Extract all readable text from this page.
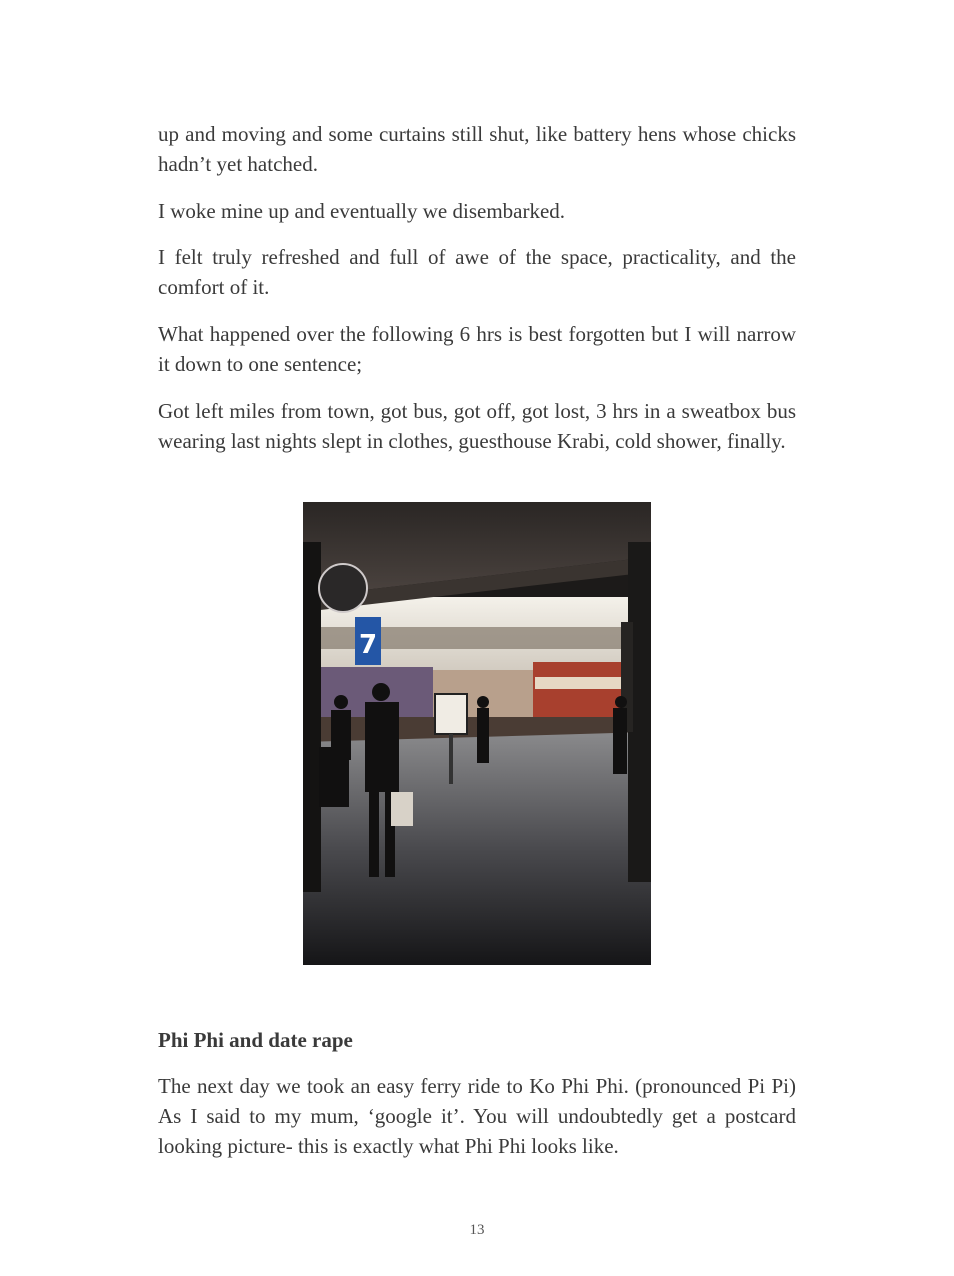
up and moving and some curtains still shut, like battery hens whose chicks hadn’t yet hatched.

I woke mine up and eventually we disembarked.

I felt truly refreshed and full of awe of the space, practicality, and the comfort of it.

What happened over the following 6 hrs is best forgotten but I will narrow it down to one sentence;

Got left miles from town, got bus, got off, got lost, 3 hrs in a sweatbox bus wearing last nights slept in clothes, guesthouse Krabi, cold shower, finally.

7
Phi Phi and date rape

The next day we took an easy ferry ride to Ko Phi Phi. (pronounced Pi Pi) As I said to my mum, ‘google it’. You will undoubtedly get a postcard looking picture- this is exactly what Phi Phi looks like.

13
